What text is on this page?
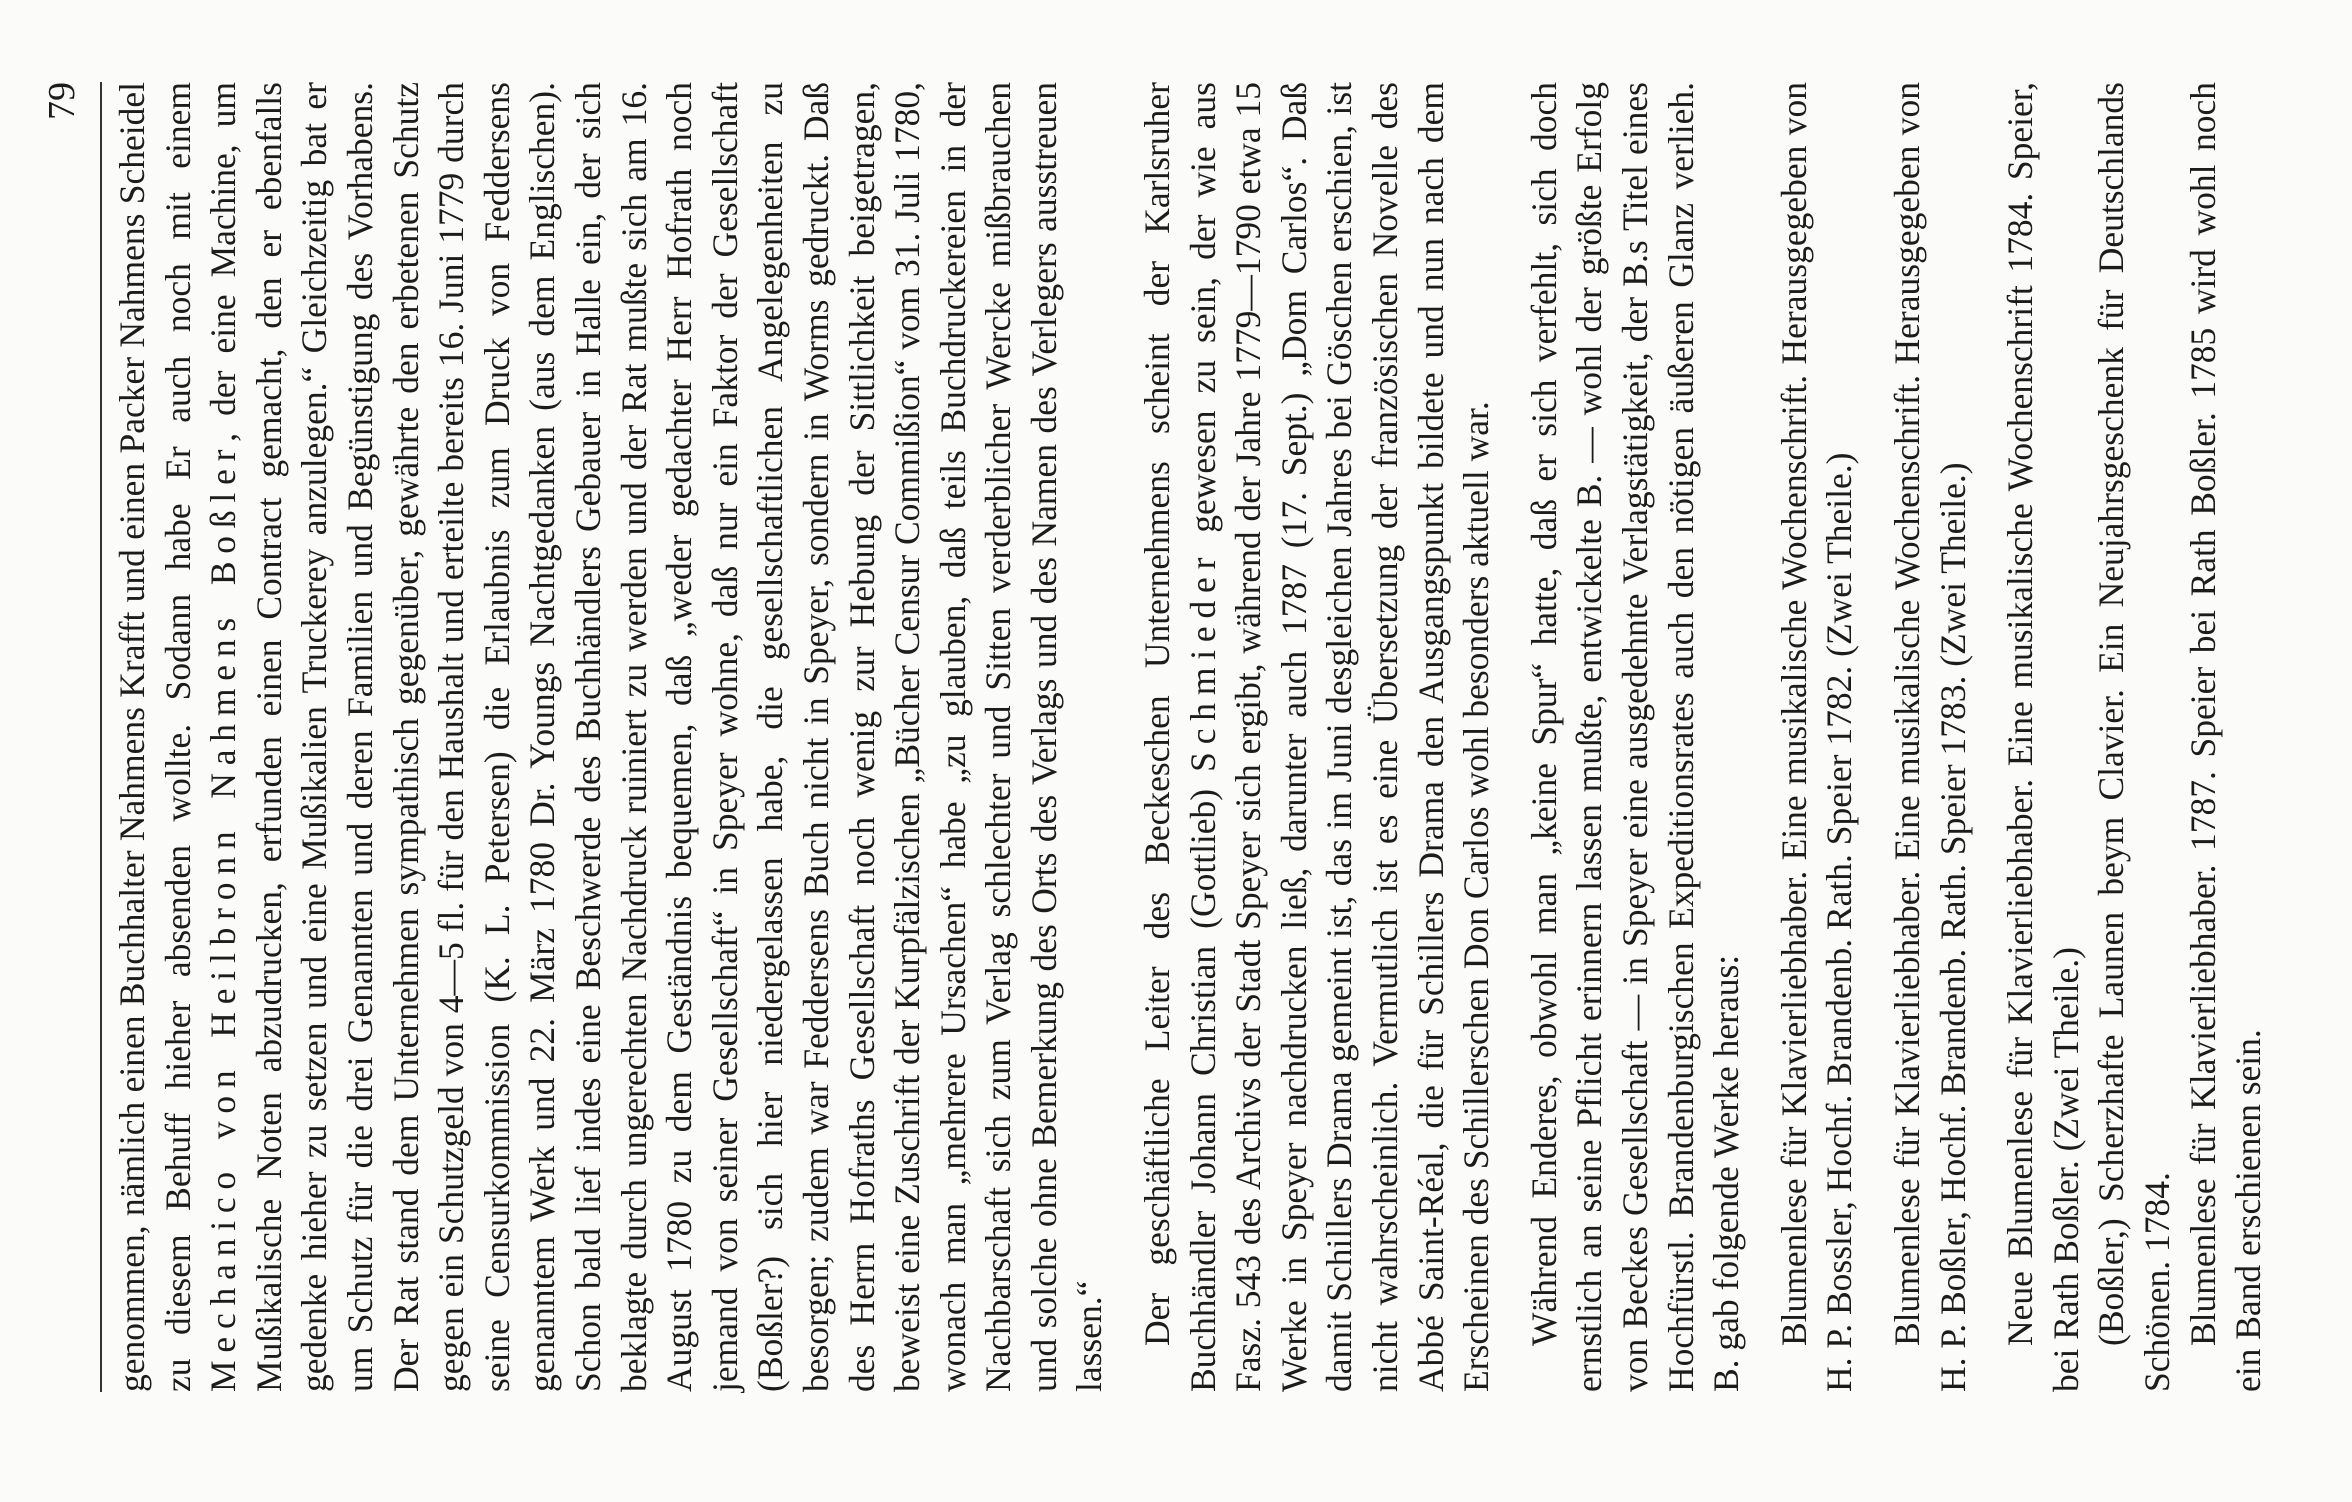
79 genommen, nämlich einen Buchhalter Nahmens Krafft und einen Packer Nahmens Scheidel zu diesem Behuff hieher absenden wollte. Sodann habe Er auch noch mit einem Mechanico von Heilbronn Nahmens Boßler, der eine Machine, um Mußikalische Noten abzudrucken, erfunden einen Contract gemacht, den er ebenfalls gedenke hieher zu setzen und eine Mußikalien Truckerey anzulegen.“ Gleichzeitig bat er um Schutz für die drei Genannten und deren Familien und Begünstigung des Vorhabens. Der Rat stand dem Unternehmen sympathisch gegenüber, gewährte den erbetenen Schutz gegen ein Schutzgeld von 4—5 fl. für den Haushalt und erteilte bereits 16. Juni 1779 durch seine Censurkommission (K. L. Petersen) die Erlaubnis zum Druck von Feddersens genanntem Werk und 22. März 1780 Dr. Youngs Nachtgedanken (aus dem Englischen). Schon bald lief indes eine Beschwerde des Buchhändlers Gebauer in Halle ein, der sich beklagte durch ungerechten Nachdruck ruiniert zu werden und der Rat mußte sich am 16. August 1780 zu dem Geständnis bequemen, daß „weder gedachter Herr Hofrath noch jemand von seiner Gesellschaft“ in Speyer wohne, daß nur ein Faktor der Gesellschaft (Boßler?) sich hier niedergelassen habe, die gesellschaftlichen Angelegenheiten zu besorgen; zudem war Feddersens Buch nicht in Speyer, sondern in Worms gedruckt. Daß des Herrn Hofraths Gesellschaft noch wenig zur Hebung der Sittlichkeit beigetragen, beweist eine Zuschrift der Kurpfälzischen „Bücher Censur Commißion“ vom 31. Juli 1780, wonach man „mehrere Ursachen“ habe „zu glauben, daß teils Buchdruckereien in der Nachbarschaft sich zum Verlag schlechter und Sitten verderblicher Wercke mißbrauchen und solche ohne Bemerkung des Orts des Verlags und des Namen des Verlegers ausstreuen lassen.“ Der geschäftliche Leiter des Beckeschen Unternehmens scheint der Karlsruher Buchhändler Johann Christian (Gottlieb) Schmieder gewesen zu sein, der wie aus Fasz. 543 des Archivs der Stadt Speyer sich ergibt, während der Jahre 1779—1790 etwa 15 Werke in Speyer nachdrucken ließ, darunter auch 1787 (17. Sept.) „Dom Carlos“. Daß damit Schillers Drama gemeint ist, das im Juni desgleichen Jahres bei Göschen erschien, ist nicht wahrscheinlich. Vermutlich ist es eine Übersetzung der französischen Novelle des Abbé Saint-Réal, die für Schillers Drama den Ausgangspunkt bildete und nun nach dem Erscheinen des Schillerschen Don Carlos wohl besonders aktuell war. Während Enderes, obwohl man „keine Spur“ hatte, daß er sich verfehlt, sich doch ernstlich an seine Pflicht erinnern lassen mußte, entwickelte B. — wohl der größte Erfolg von Beckes Gesellschaft — in Speyer eine ausgedehnte Verlagstätigkeit, der B.s Titel eines Hochfürstl. Brandenburgischen Expeditionsrates auch den nötigen äußeren Glanz verlieh. B. gab folgende Werke heraus: Blumenlese für Klavierliebhaber. Eine musikalische Wochenschrift. Herausgegeben von H. P. Bossler, Hochf. Brandenb. Rath. Speier 1782. (Zwei Theile.) Blumenlese für Klavierliebhaber. Eine musikalische Wochenschrift. Herausgegeben von H. P. Boßler, Hochf. Brandenb. Rath. Speier 1783. (Zwei Theile.) Neue Blumenlese für Klavierliebhaber. Eine musikalische Wochenschrift 1784. Speier, bei Rath Boßler. (Zwei Theile.) (Boßler,) Scherzhafte Launen beym Clavier. Ein Neujahrsgeschenk für Deutschlands Schönen. 1784. Blumenlese für Klavierliebhaber. 1787. Speier bei Rath Boßler. 1785 wird wohl noch ein Band erschienen sein.
